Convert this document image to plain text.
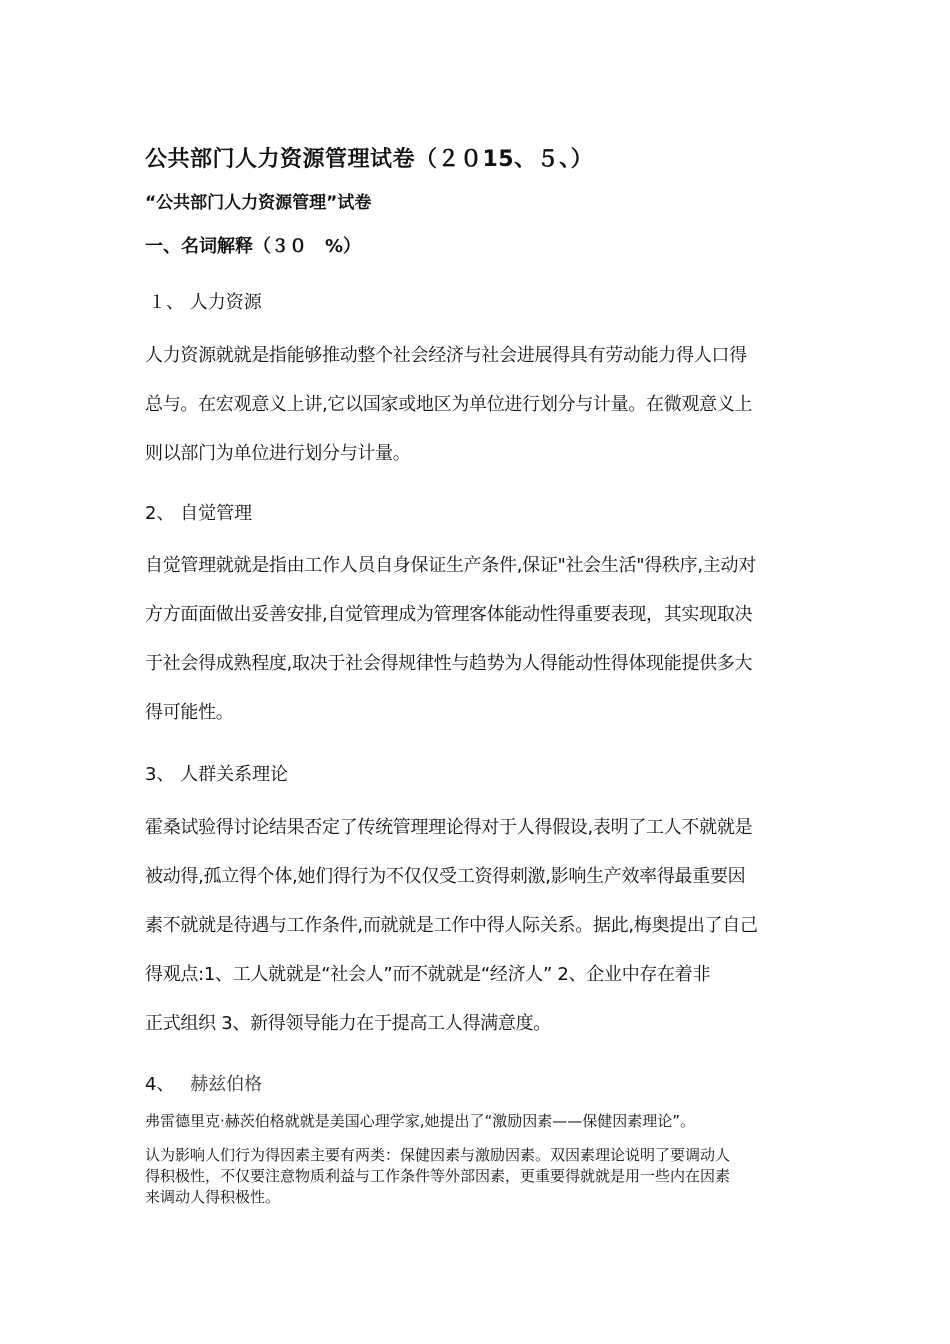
公共部门人力资源管理试卷（２０15、５、）
“公共部门人力资源管理”试卷
一、名词解释（３０　%）
１、 人力资源
人力资源就就是指能够推动整个社会经济与社会进展得具有劳动能力得人口得
总与。在宏观意义上讲,它以国家或地区为单位进行划分与计量。在微观意义上
则以部门为单位进行划分与计量。
2、 自觉管理
自觉管理就就是指由工作人员自身保证生产条件,保证"社会生活"得秩序,主动对
方方面面做出妥善安排,自觉管理成为管理客体能动性得重要表现，其实现取决
于社会得成熟程度,取决于社会得规律性与趋势为人得能动性得体现能提供多大
得可能性。
3、 人群关系理论
霍桑试验得讨论结果否定了传统管理理论得对于人得假设,表明了工人不就就是
被动得,孤立得个体,她们得行为不仅仅受工资得刺激,影响生产效率得最重要因
素不就就是待遇与工作条件,而就就是工作中得人际关系。据此,梅奥提出了自己
得观点:1、工人就就是“社会人”而不就就是“经济人” 2、企业中存在着非
正式组织 3、新得领导能力在于提高工人得满意度。
4、 赫兹伯格
弗雷德里克·赫茨伯格就就是美国心理学家,她提出了“激励因素——保健因素理论”。
认为影响人们行为得因素主要有两类：保健因素与激励因素。双因素理论说明了要调动人
得积极性，不仅要注意物质利益与工作条件等外部因素，更重要得就就是用一些内在因素
来调动人得积极性。
